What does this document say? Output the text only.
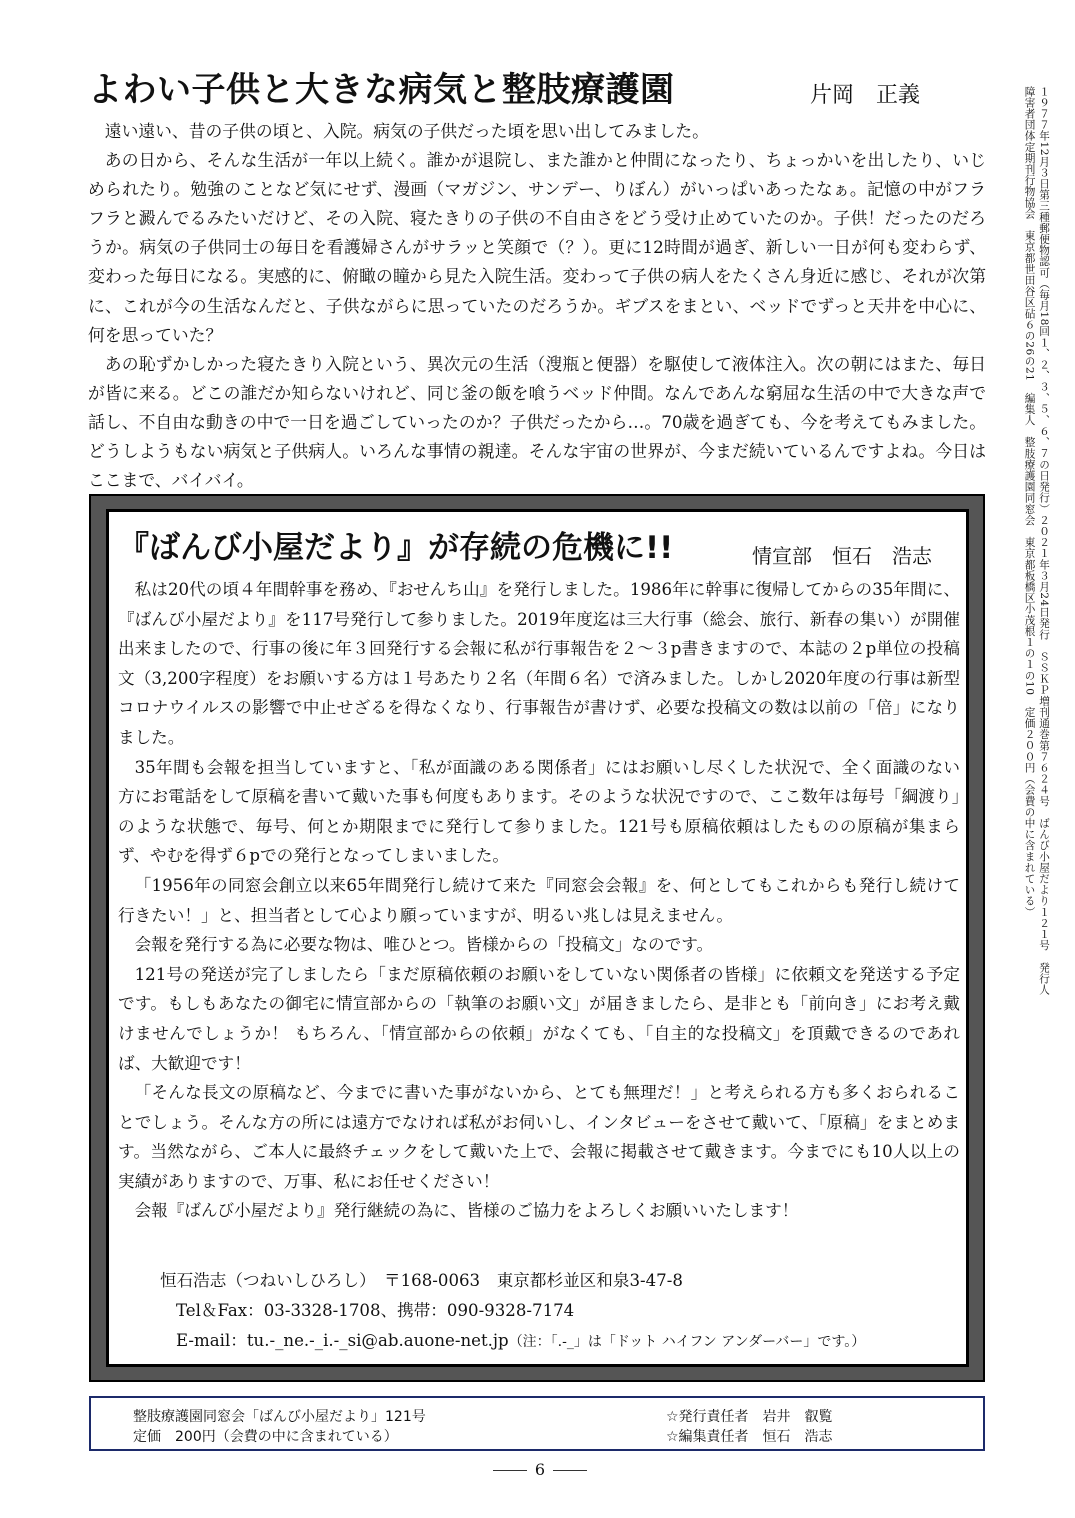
よわい子供と大きな病気と整肢療護園	片岡　正義

遠い遠い、昔の子供の頃と、入院。病気の子供だった頃を思い出してみました。

あの日から、そんな生活が一年以上続く。誰かが退院し、また誰かと仲間になったり、ちょっかいを出したり、いじめられたり。勉強のことなど気にせず、漫画（マガジン、サンデー、りぼん）がいっぱいあったなぁ。記憶の中がフラフラと澱んでるみたいだけど、その入院、寝たきりの子供の不自由さをどう受け止めていたのか。子供！だったのだろうか。病気の子供同士の毎日を看護婦さんがサラッと笑顔で（？）。更に12時間が過ぎ、新しい一日が何も変わらず、変わった毎日になる。実感的に、俯瞰の瞳から見た入院生活。変わって子供の病人をたくさん身近に感じ、それが次第に、これが今の生活なんだと、子供ながらに思っていたのだろうか。ギブスをまとい、ベッドでずっと天井を中心に、何を思っていた？

あの恥ずかしかった寝たきり入院という、異次元の生活（溲瓶と便器）を駆使して液体注入。次の朝にはまた、毎日が皆に来る。どこの誰だか知らないけれど、同じ釜の飯を喰うベッド仲間。なんであんな窮屈な生活の中で大きな声で話し、不自由な動きの中で一日を過ごしていったのか？子供だったから…。70歳を過ぎても、今を考えてもみました。どうしようもない病気と子供病人。いろんな事情の親達。そんな宇宙の世界が、今まだ続いているんですよね。今日はここまで、バイバイ。	１９７７年12月３日第三種郵便物認可（毎月18回１、２、３、５、６、７の日発行）２０２１年３月24日発行　ＳＳＫＰ増刊通巻第７６２４号　ばんび小屋だより１２１号　発行人　障害者団体定期刊行物協会　東京都世田谷区砧６の26の21　編集人　整肢療護園同窓会　東京都板橋区小茂根１の１の10　定価２００円（会費の中に含まれている）
『ばんび小屋だより』が存続の危機に!!	情宣部　恒石　浩志

私は20代の頃４年間幹事を務め、『おせんち山』を発行しました。1986年に幹事に復帰してからの35年間に、『ばんび小屋だより』を117号発行して参りました。2019年度迄は三大行事（総会、旅行、新春の集い）が開催出来ましたので、行事の後に年３回発行する会報に私が行事報告を２～３p書きますので、本誌の２p単位の投稿文（3,200字程度）をお願いする方は１号あたり２名（年間６名）で済みました。しかし2020年度の行事は新型コロナウイルスの影響で中止せざるを得なくなり、行事報告が書けず、必要な投稿文の数は以前の「倍」になりました。

35年間も会報を担当していますと、「私が面識のある関係者」にはお願いし尽くした状況で、全く面識のない方にお電話をして原稿を書いて戴いた事も何度もあります。そのような状況ですので、ここ数年は毎号「綱渡り」のような状態で、毎号、何とか期限までに発行して参りました。121号も原稿依頼はしたものの原稿が集まらず、やむを得ず６pでの発行となってしまいました。

「1956年の同窓会創立以来65年間発行し続けて来た『同窓会会報』を、何としてもこれからも発行し続けて行きたい！」と、担当者として心より願っていますが、明るい兆しは見えません。

会報を発行する為に必要な物は、唯ひとつ。皆様からの「投稿文」なのです。

121号の発送が完了しましたら「まだ原稿依頼のお願いをしていない関係者の皆様」に依頼文を発送する予定です。もしもあなたの御宅に情宣部からの「執筆のお願い文」が届きましたら、是非とも「前向き」にお考え戴けませんでしょうか！ もちろん、「情宣部からの依頼」がなくても、「自主的な投稿文」を頂戴できるのであれば、大歓迎です！

「そんな長文の原稿など、今までに書いた事がないから、とても無理だ！」と考えられる方も多くおられることでしょう。そんな方の所には遠方でなければ私がお伺いし、インタビューをさせて戴いて、「原稿」をまとめます。当然ながら、ご本人に最終チェックをして戴いた上で、会報に掲載させて戴きます。今までにも10人以上の実績がありますので、万事、私にお任せください！

会報『ばんび小屋だより』発行継続の為に、皆様のご協力をよろしくお願いいたします！

恒石浩志（つねいしひろし）　〒168-0063　東京都杉並区和泉3-47-8
Tel＆Fax：03-3328-1708、携帯：090-9328-7174
E-mail：tu.-_ne.-_i.-_si@ab.auone-net.jp（注：「.-_」は「ドット ハイフン アンダーバー」です。）
整肢療護園同窓会「ばんび小屋だより」121号
定価　200円（会費の中に含まれている）
☆発行責任者　岩井　叡覧
☆編集責任者　恒石　浩志
6
